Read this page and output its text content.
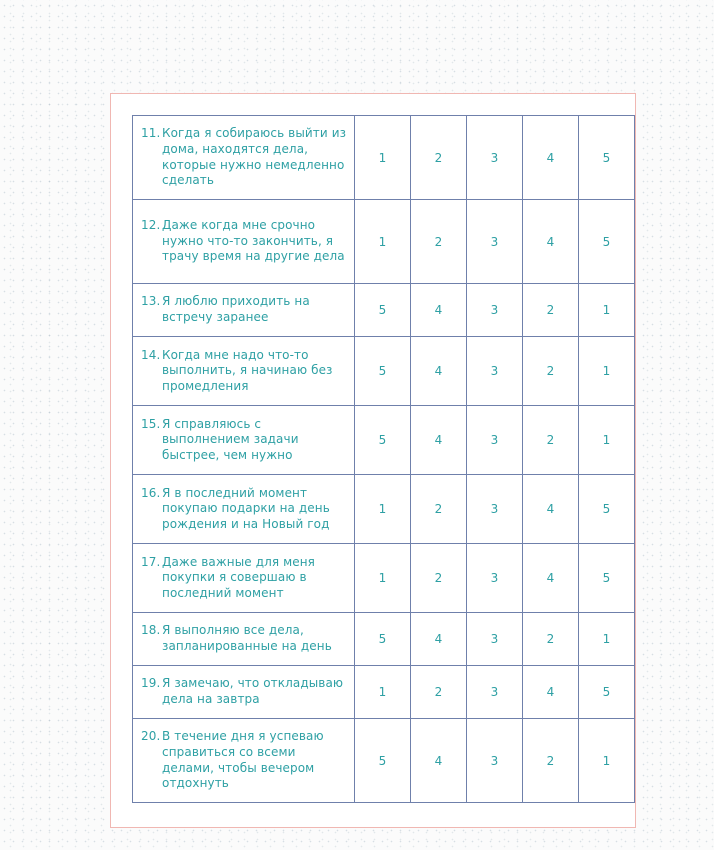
11. Когда я собираюсь выйти из дома, находятся дела, которые нужно немедленно сделать	1	2	3	4	5

12. Даже когда мне срочно нужно что-то закончить, я трачу время на другие дела	1	2	3	4	5

13. Я люблю приходить на встречу заранее	5	4	3	2	1

14. Когда мне надо что-то выполнить, я начинаю без промедления	5	4	3	2	1

15. Я справляюсь с выполнением задачи быстрее, чем нужно	5	4	3	2	1

16. Я в последний момент покупаю подарки на день рождения и на Новый год	1	2	3	4	5

17. Даже важные для меня покупки я совершаю в последний момент	1	2	3	4	5

18. Я выполняю все дела, запланированные на день	5	4	3	2	1

19. Я замечаю, что откладываю дела на завтра	1	2	3	4	5

20. В течение дня я успеваю справиться со всеми делами, чтобы вечером отдохнуть	5	4	3	2	1
